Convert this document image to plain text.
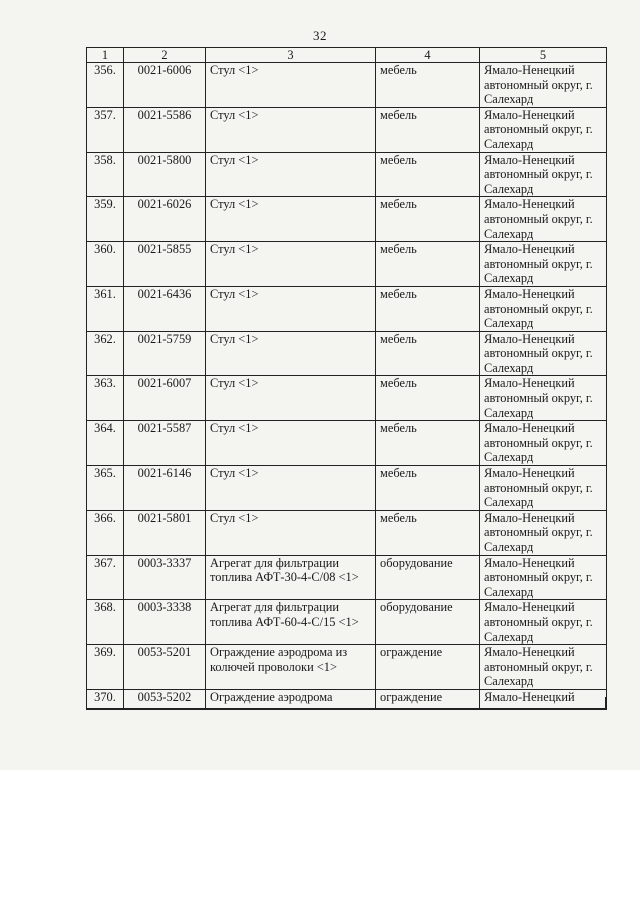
32
1	2	3	4	5
356.	0021-6006	Стул <1>	мебель	Ямало-Ненецкий автономный округ, г. Салехард
357.	0021-5586	Стул <1>	мебель	Ямало-Ненецкий автономный округ, г. Салехард
358.	0021-5800	Стул <1>	мебель	Ямало-Ненецкий автономный округ, г. Салехард
359.	0021-6026	Стул <1>	мебель	Ямало-Ненецкий автономный округ, г. Салехард
360.	0021-5855	Стул <1>	мебель	Ямало-Ненецкий автономный округ, г. Салехард
361.	0021-6436	Стул <1>	мебель	Ямало-Ненецкий автономный округ, г. Салехард
362.	0021-5759	Стул <1>	мебель	Ямало-Ненецкий автономный округ, г. Салехард
363.	0021-6007	Стул <1>	мебель	Ямало-Ненецкий автономный округ, г. Салехард
364.	0021-5587	Стул <1>	мебель	Ямало-Ненецкий автономный округ, г. Салехард
365.	0021-6146	Стул <1>	мебель	Ямало-Ненецкий автономный округ, г. Салехард
366.	0021-5801	Стул <1>	мебель	Ямало-Ненецкий автономный округ, г. Салехард
367.	0003-3337	Агрегат для фильтрации топлива АФТ-30-4-С/08 <1>	оборудование	Ямало-Ненецкий автономный округ, г. Салехард
368.	0003-3338	Агрегат для фильтрации топлива АФТ-60-4-С/15 <1>	оборудование	Ямало-Ненецкий автономный округ, г. Салехард
369.	0053-5201	Ограждение аэродрома из колючей проволоки <1>	ограждение	Ямало-Ненецкий автономный округ, г. Салехард
370.	0053-5202	Ограждение аэродрома	ограждение	Ямало-Ненецкий
